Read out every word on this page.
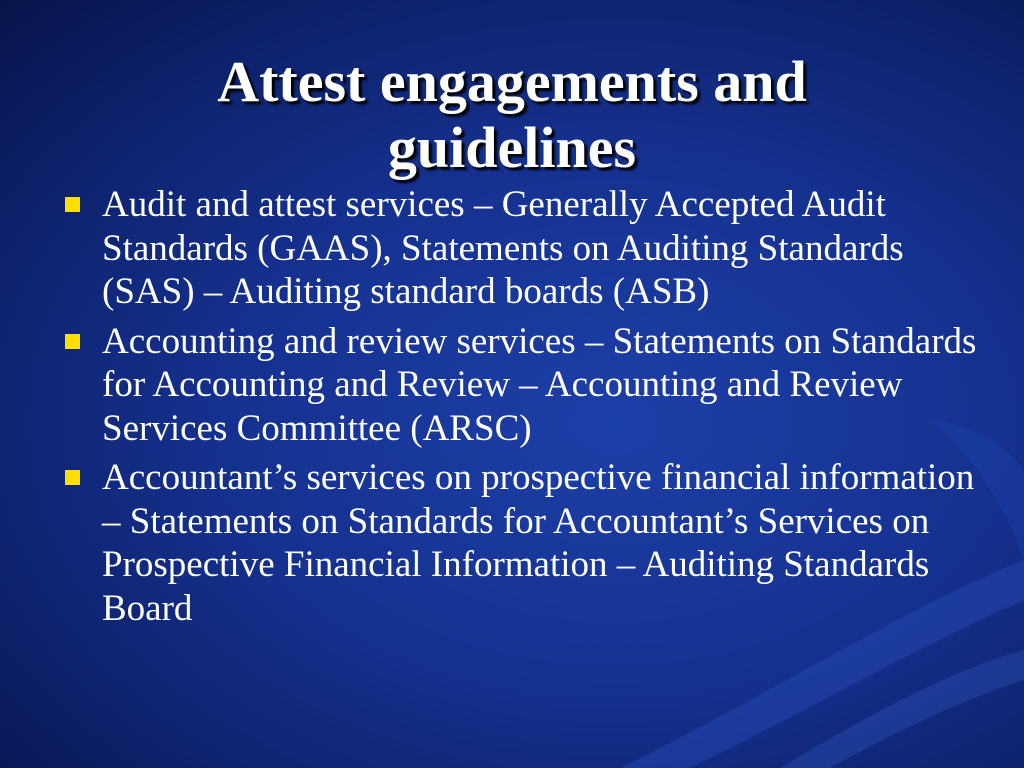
Attest engagements and
guidelines
Audit and attest services – Generally Accepted Audit Standards (GAAS), Statements on Auditing Standards (SAS) – Auditing standard boards (ASB)
Accounting and review services – Statements on Standards for Accounting and Review – Accounting and Review Services Committee (ARSC)
Accountant’s services on prospective financial information – Statements on Standards for Accountant’s Services on Prospective Financial Information – Auditing Standards Board
